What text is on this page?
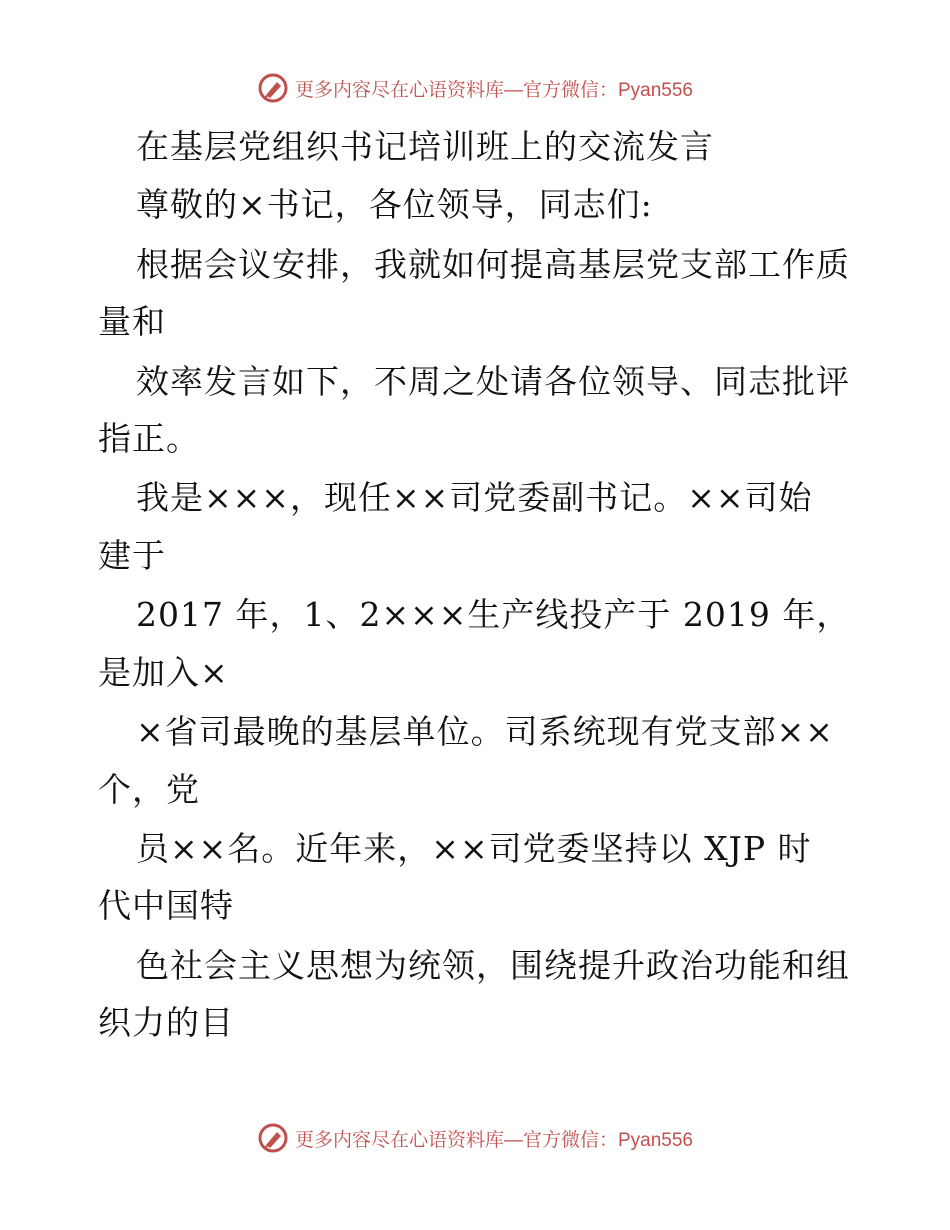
更多内容尽在心语资料库—官方微信：Pyan556
在基层党组织书记培训班上的交流发言
尊敬的×书记，各位领导，同志们:
根据会议安排，我就如何提高基层党支部工作质
量和
效率发言如下，不周之处请各位领导、同志批评
指正。
我是×××，现任××司党委副书记。××司始
建于
2017 年，1、2×××生产线投产于 2019 年，
是加入×
×省司最晚的基层单位。司系统现有党支部××
个，党
员××名。近年来，××司党委坚持以 XJP 时
代中国特
色社会主义思想为统领，围绕提升政治功能和组
织力的目
更多内容尽在心语资料库—官方微信：Pyan556
